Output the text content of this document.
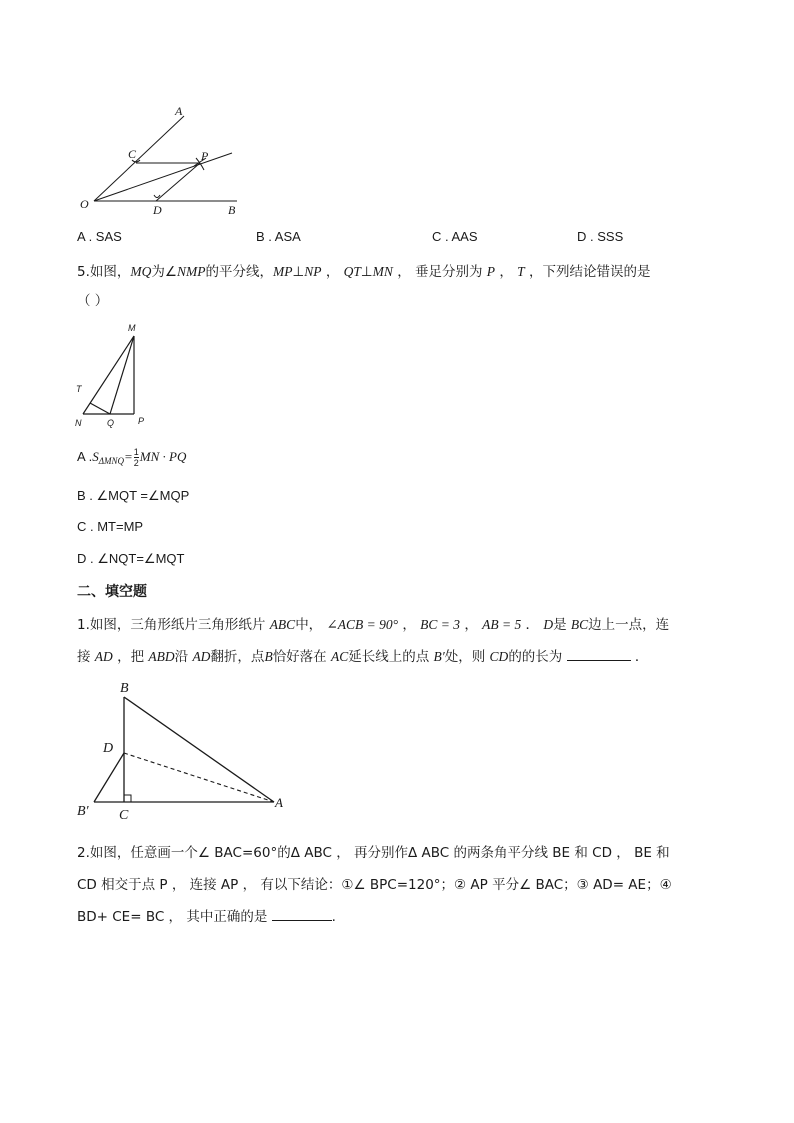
A
C	P
O	D	B
A . SAS	B . ASA	C . AAS	D . SSS
5.如图，MQ为∠NMP的平分线，MP⊥NP ， QT⊥MN ， 垂足分别为 P ， T ，下列结论错误的是
（ ）
M
T
N	Q	P
A $.S_{\Delta MNQ}= \frac{1}{2}$ MN · PQ
B . ∠MQT =∠MQP
C . MT=MP
D . ∠NQT=∠MQT
二、填空题
1.如图，三角形纸片三角形纸片 ABC中， ∠ACB = 90° ， BC = 3 ， AB = 5 ． D是 BC边上一点，连
接 AD ，把 ABD沿 AD翻折，点B恰好落在 AC延长线上的点 B′处，则 CD的的长为	．
B
D
B′ C
A
2.如图，任意画一个∠ BAC=60°的Δ ABC ， 再分别作Δ ABC 的两条角平分线 BE 和 CD ， BE 和
CD 相交于点 P ， 连接 AP ， 有以下结论：①∠ BPC=120°；② AP 平分∠ BAC；③ AD= AE；④
BD+ CE= BC ， 其中正确的是	.
